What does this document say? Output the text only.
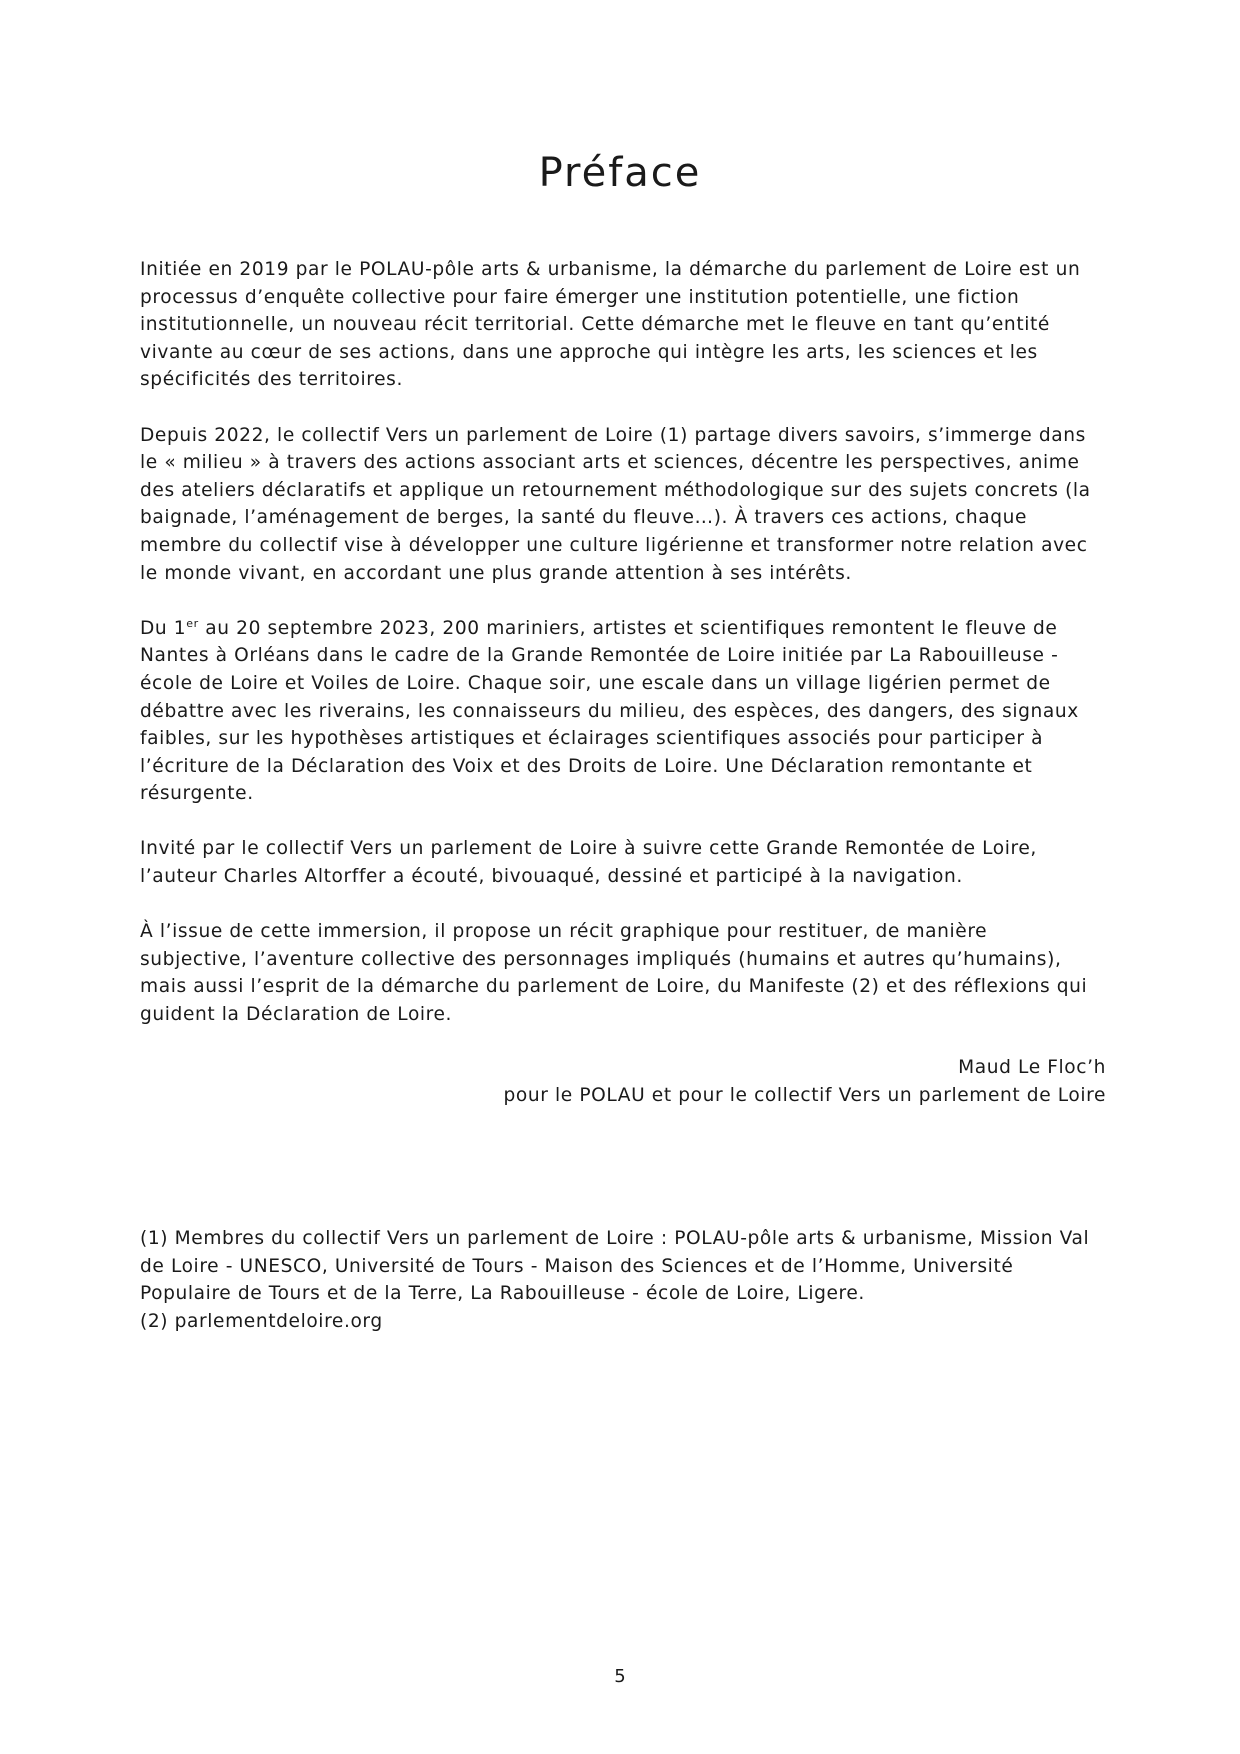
Préface

Initiée en 2019 par le POLAU-pôle arts & urbanisme, la démarche du parlement de Loire est un processus d’enquête collective pour faire émerger une institution potentielle, une fiction institutionnelle, un nouveau récit territorial. Cette démarche met le fleuve en tant qu’entité vivante au cœur de ses actions, dans une approche qui intègre les arts, les sciences et les spécificités des territoires.

Depuis 2022, le collectif Vers un parlement de Loire (1) partage divers savoirs, s’immerge dans le « milieu » à travers des actions associant arts et sciences, décentre les perspectives, anime des ateliers déclaratifs et applique un retournement méthodologique sur des sujets concrets (la baignade, l’aménagement de berges, la santé du fleuve…). À travers ces actions, chaque membre du collectif vise à développer une culture ligérienne et transformer notre relation avec le monde vivant, en accordant une plus grande attention à ses intérêts.

Du 1er au 20 septembre 2023, 200 mariniers, artistes et scientifiques remontent le fleuve de Nantes à Orléans dans le cadre de la Grande Remontée de Loire initiée par La Rabouilleuse - école de Loire et Voiles de Loire. Chaque soir, une escale dans un village ligérien permet de débattre avec les riverains, les connaisseurs du milieu, des espèces, des dangers, des signaux faibles, sur les hypothèses artistiques et éclairages scientifiques associés pour participer à l’écriture de la Déclaration des Voix et des Droits de Loire. Une Déclaration remontante et résurgente.

Invité par le collectif Vers un parlement de Loire à suivre cette Grande Remontée de Loire, l’auteur Charles Altorffer a écouté, bivouaqué, dessiné et participé à la navigation.

À l’issue de cette immersion, il propose un récit graphique pour restituer, de manière subjective, l’aventure collective des personnages impliqués (humains et autres qu’humains), mais aussi l’esprit de la démarche du parlement de Loire, du Manifeste (2) et des réflexions qui guident la Déclaration de Loire.

Maud Le Floc’h
pour le POLAU et pour le collectif Vers un parlement de Loire
(1) Membres du collectif Vers un parlement de Loire : POLAU-pôle arts & urbanisme, Mission Val de Loire - UNESCO, Université de Tours - Maison des Sciences et de l’Homme, Université Populaire de Tours et de la Terre, La Rabouilleuse - école de Loire, Ligere.
(2) parlementdeloire.org
5
